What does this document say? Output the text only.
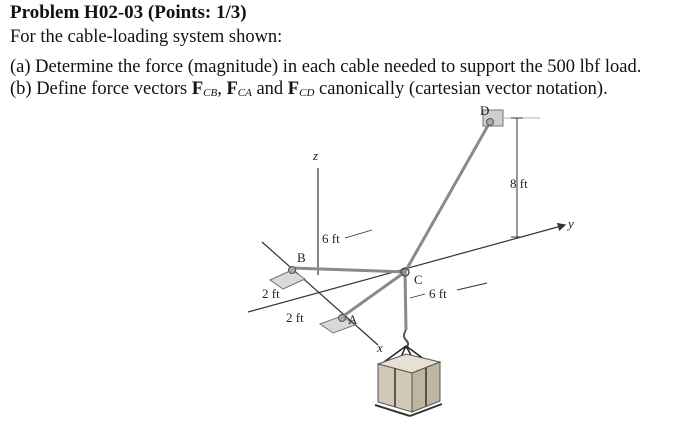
Problem H02-03 (Points: 1/3)
For the cable-loading system shown:
(a) Determine the force (magnitude) in each cable needed to support the 500 lbf load.
(b) Define force vectors FCB, FCA and FCD canonically (cartesian vector notation).
D
B
C
A
z
y
x
8 ft
6 ft
6 ft
2 ft
2 ft
